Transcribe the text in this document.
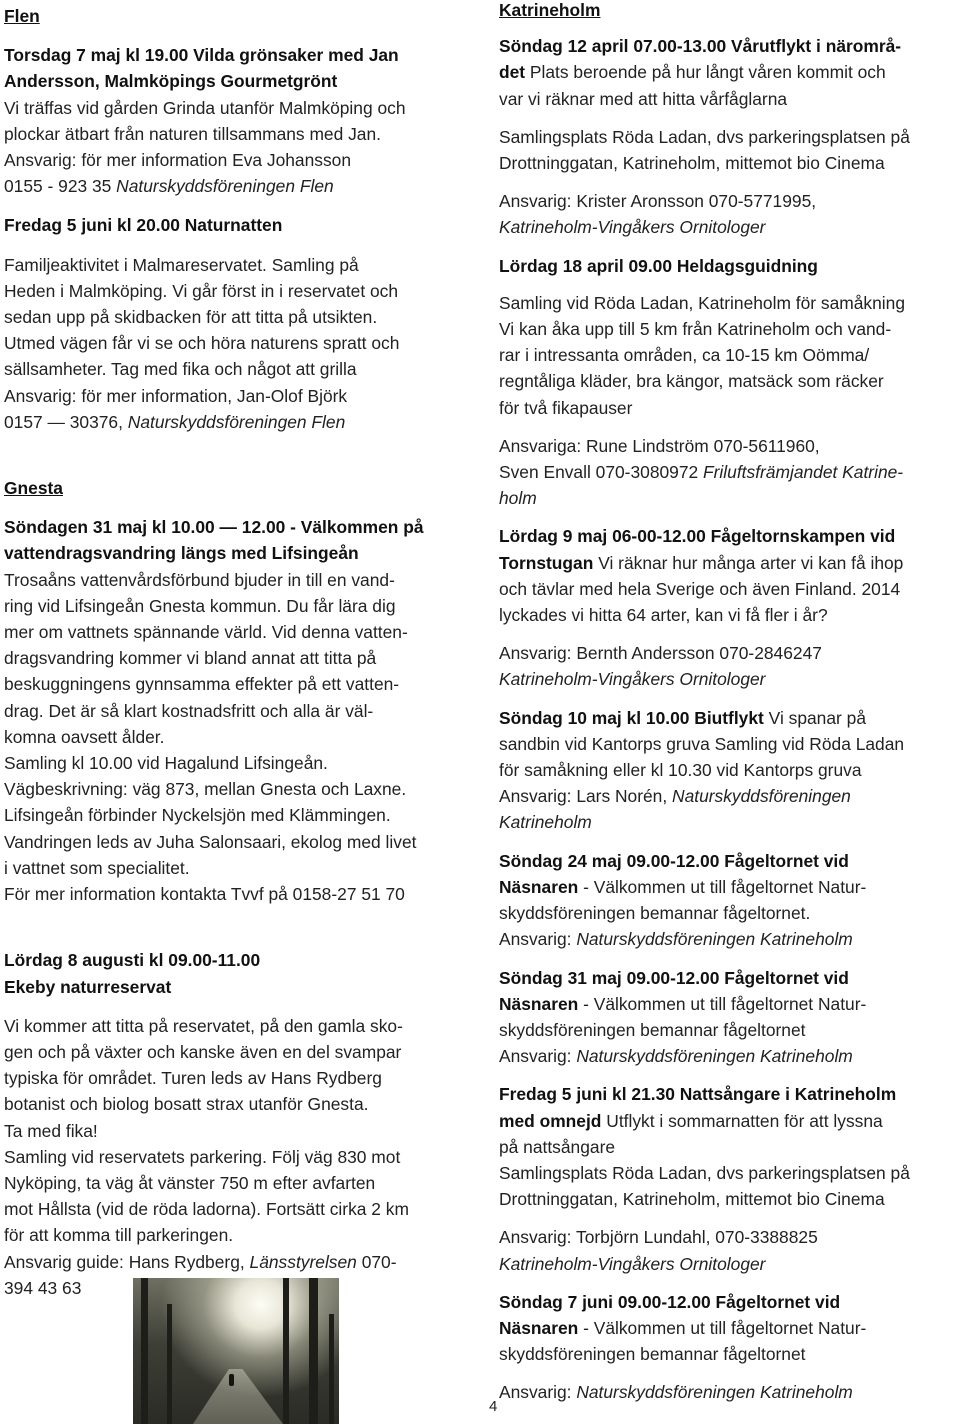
Flen
Torsdag 7 maj kl 19.00 Vilda grönsaker med Jan
Andersson, Malmköpings Gourmetgrönt
Vi träffas vid gården Grinda utanför Malmköping och
plockar ätbart från naturen tillsammans med Jan.
Ansvarig: för mer information Eva Johansson
0155 - 923 35 Naturskyddsföreningen Flen
Fredag 5 juni kl 20.00 Naturnatten
Familjeaktivitet i Malmareservatet. Samling på
Heden i Malmköping. Vi går först in i reservatet och
sedan upp på skidbacken för att titta på utsikten.
Utmed vägen får vi se och höra naturens spratt och
sällsamheter. Tag med fika och något att grilla
Ansvarig: för mer information, Jan-Olof Björk
0157 — 30376, Naturskyddsföreningen Flen
Gnesta
Söndagen 31 maj kl 10.00 — 12.00 - Välkommen på
vattendragsvandring längs med Lifsingeån
Trosaåns vattenvårdsförbund bjuder in till en vand-
ring vid Lifsingeån Gnesta kommun. Du får lära dig
mer om vattnets spännande värld. Vid denna vatten-
dragsvandring kommer vi bland annat att titta på
beskuggningens gynnsamma effekter på ett vatten-
drag. Det är så klart kostnadsfritt och alla är väl-
komna oavsett ålder.
Samling kl 10.00 vid Hagalund Lifsingeån.
Vägbeskrivning: väg 873, mellan Gnesta och Laxne.
Lifsingeån förbinder Nyckelsjön med Klämmingen.
Vandringen leds av Juha Salonsaari, ekolog med livet
i vattnet som specialitet.
För mer information kontakta Tvvf på 0158-27 51 70
Lördag 8 augusti kl 09.00-11.00
Ekeby naturreservat
Vi kommer att titta på reservatet, på den gamla sko-
gen och på växter och kanske även en del svampar
typiska för området. Turen leds av Hans Rydberg
botanist och biolog bosatt strax utanför Gnesta.
Ta med fika!
Samling vid reservatets parkering. Följ väg 830 mot
Nyköping, ta väg åt vänster 750 m efter avfarten
mot Hållsta (vid de röda ladorna). Fortsätt cirka 2 km
för att komma till parkeringen.
Ansvarig guide: Hans Rydberg, Länsstyrelsen 070-
394 43 63
Katrineholm
Söndag 12 april 07.00-13.00 Vårutflykt i närområ-
det Plats beroende på hur långt våren kommit och
var vi räknar med att hitta vårfåglarna
Samlingsplats Röda Ladan, dvs parkeringsplatsen på
Drottninggatan, Katrineholm, mittemot bio Cinema
Ansvarig: Krister Aronsson 070-5771995,
Katrineholm-Vingåkers Ornitologer
Lördag 18 april 09.00 Heldagsguidning
Samling vid Röda Ladan, Katrineholm för samåkning
Vi kan åka upp till 5 km från Katrineholm och vand-
rar i intressanta områden, ca 10-15 km Oömma/
regntåliga kläder, bra kängor, matsäck som räcker
för två fikapauser
Ansvariga: Rune Lindström 070-5611960,
Sven Envall 070-3080972 Friluftsfrämjandet Katrine-
holm
Lördag 9 maj 06-00-12.00 Fågeltornskampen vid
Tornstugan Vi räknar hur många arter vi kan få ihop
och tävlar med hela Sverige och även Finland. 2014
lyckades vi hitta 64 arter, kan vi få fler i år?
Ansvarig: Bernth Andersson 070-2846247
Katrineholm-Vingåkers Ornitologer
Söndag 10 maj kl 10.00 Biutflykt Vi spanar på
sandbin vid Kantorps gruva Samling vid Röda Ladan
för samåkning eller kl 10.30 vid Kantorps gruva
Ansvarig: Lars Norén, Naturskyddsföreningen
Katrineholm
Söndag 24 maj 09.00-12.00 Fågeltornet vid
Näsnaren - Välkommen ut till fågeltornet Natur-
skyddsföreningen bemannar fågeltornet.
Ansvarig: Naturskyddsföreningen Katrineholm
Söndag 31 maj 09.00-12.00 Fågeltornet vid
Näsnaren - Välkommen ut till fågeltornet Natur-
skyddsföreningen bemannar fågeltornet
Ansvarig: Naturskyddsföreningen Katrineholm
Fredag 5 juni kl 21.30 Nattsångare i Katrineholm
med omnejd Utflykt i sommarnatten för att lyssna
på nattsångare
Samlingsplats Röda Ladan, dvs parkeringsplatsen på
Drottninggatan, Katrineholm, mittemot bio Cinema
Ansvarig: Torbjörn Lundahl, 070-3388825
Katrineholm-Vingåkers Ornitologer
Söndag 7 juni 09.00-12.00 Fågeltornet vid
Näsnaren - Välkommen ut till fågeltornet Natur-
skyddsföreningen bemannar fågeltornet
Ansvarig: Naturskyddsföreningen Katrineholm
4
